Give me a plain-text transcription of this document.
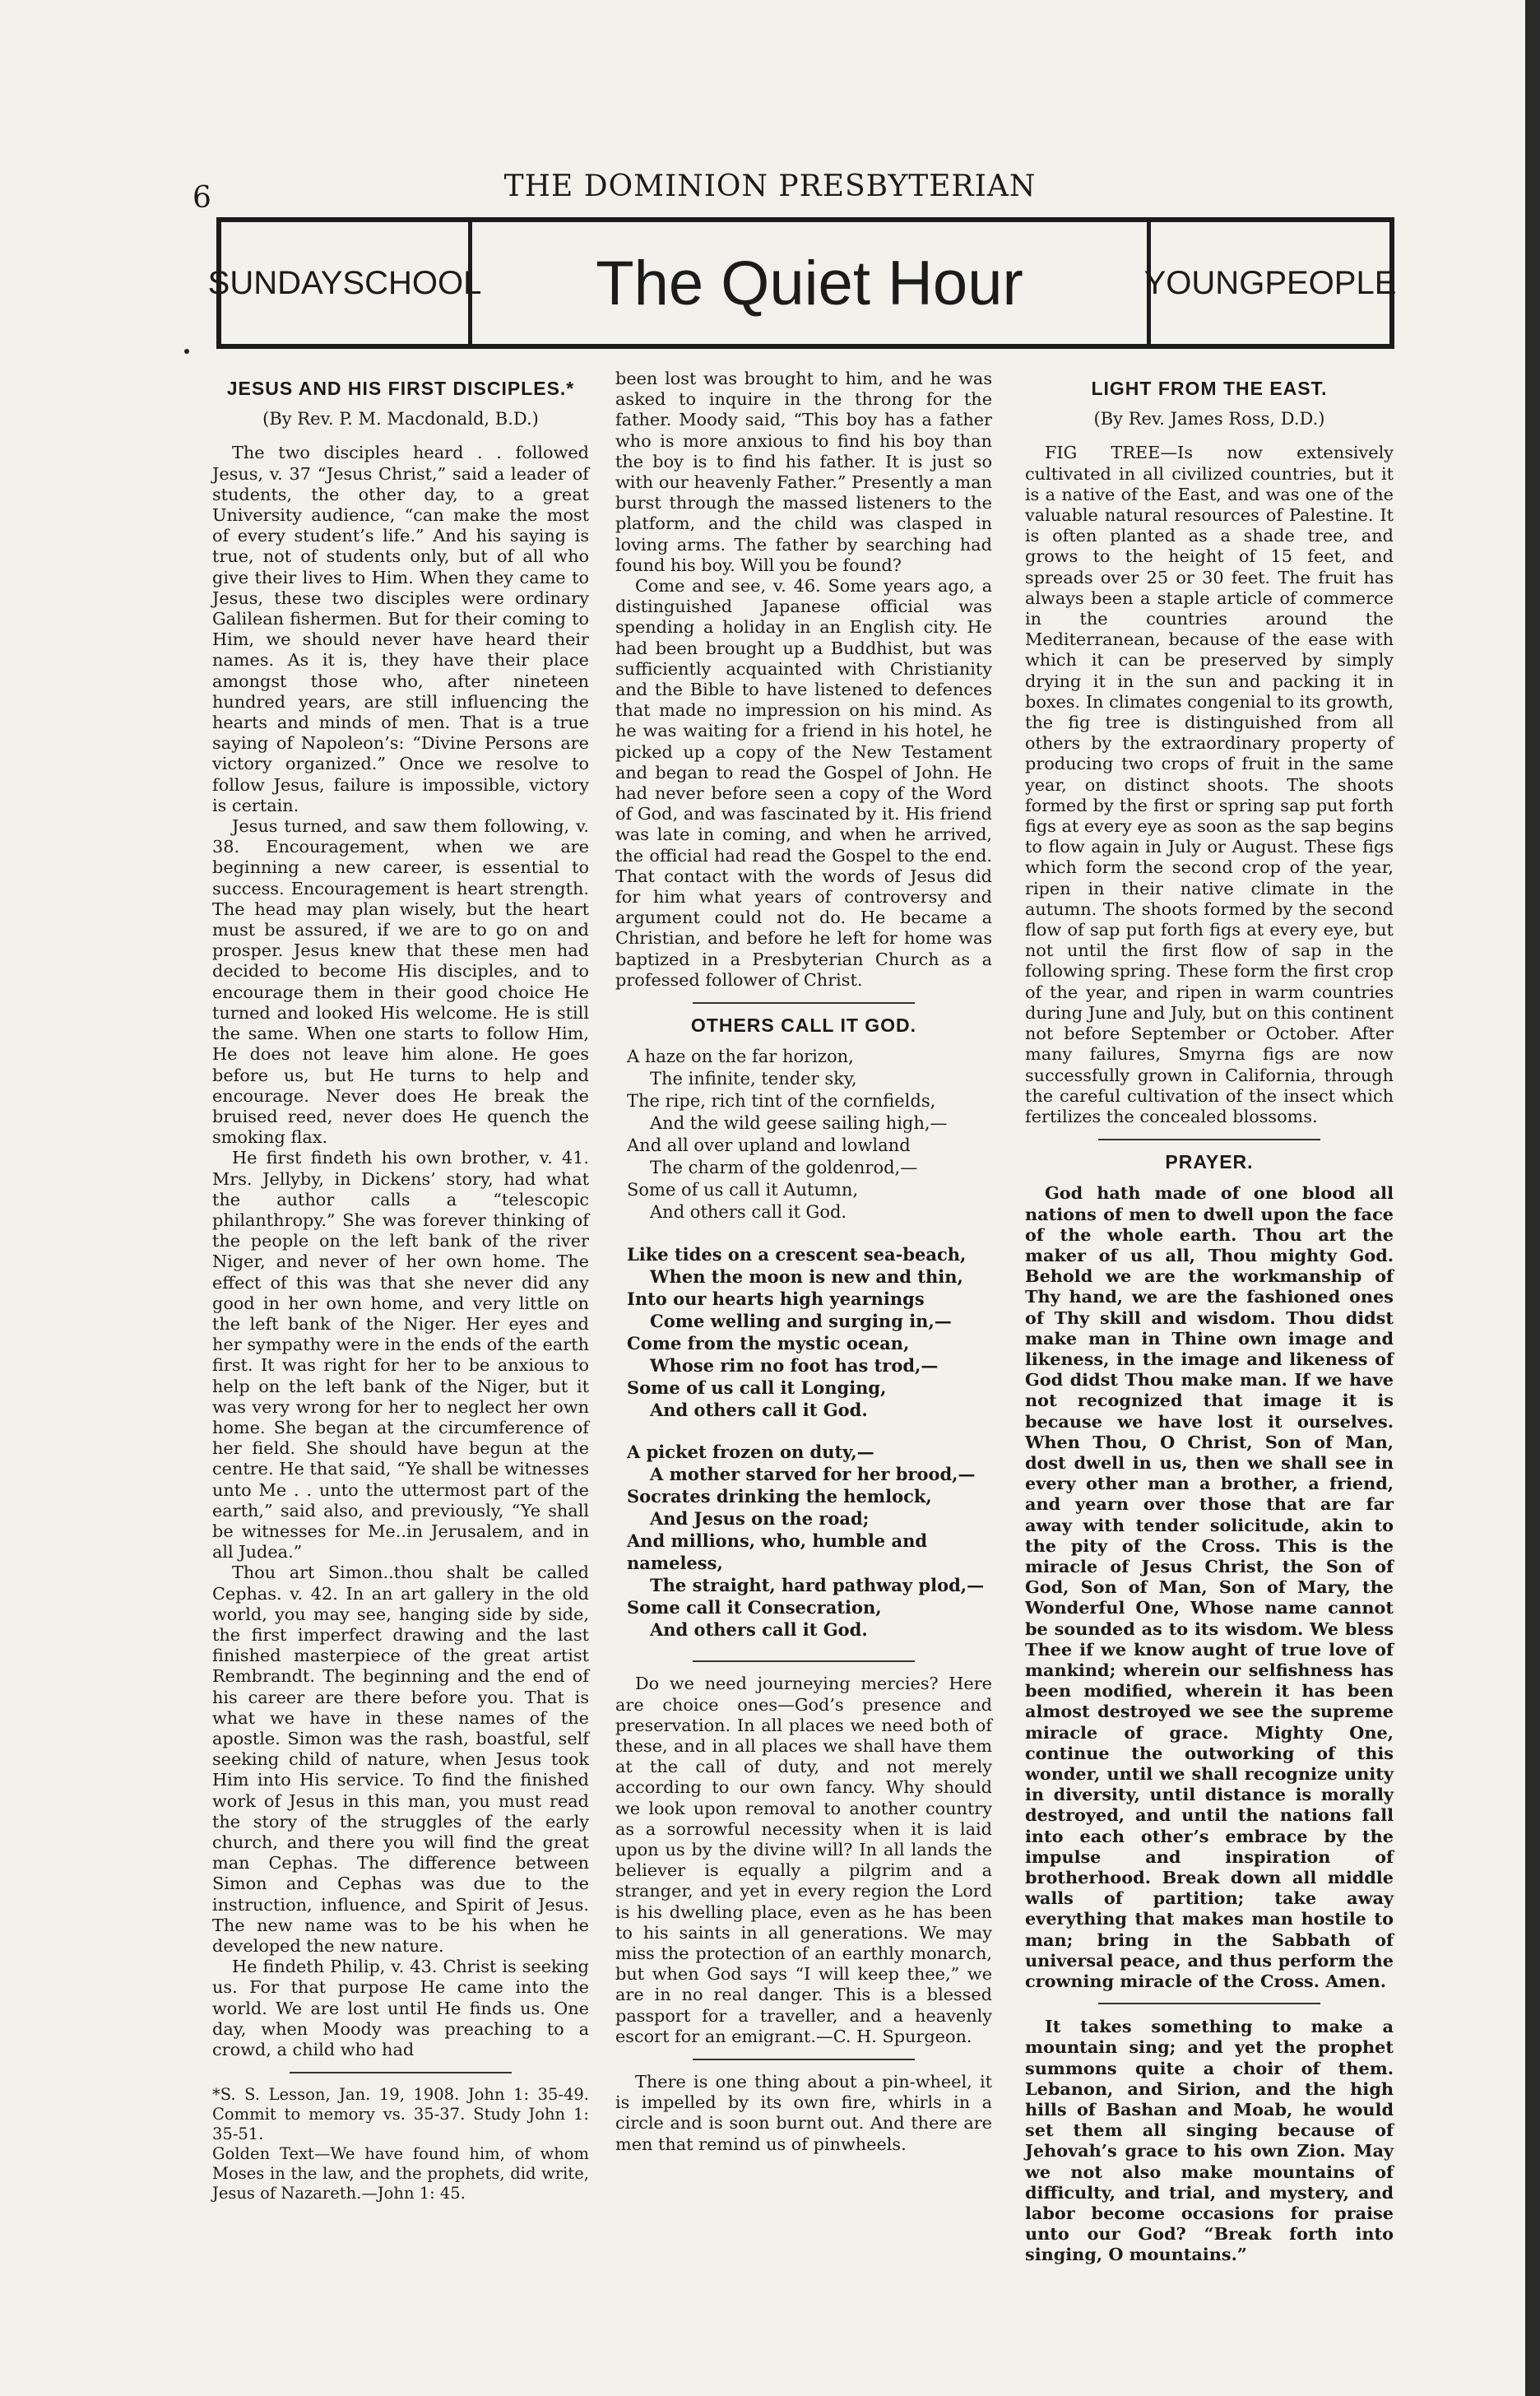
6	THE DOMINION PRESBYTERIAN
SUNDAY SCHOOL	The Quiet Hour	YOUNG PEOPLE
JESUS AND HIS FIRST DISCIPLES.*
(By Rev. P. M. Macdonald, B.D.)

The two disciples heard . . followed Jesus, v. 37 “Jesus Christ,” said a leader of students, the other day, to a great University audience, “can make the most of every student’s life.” And his saying is true, not of students only, but of all who give their lives to Him. When they came to Jesus, these two disciples were ordinary Galilean fishermen. But for their coming to Him, we should never have heard their names. As it is, they have their place amongst those who, after nineteen hundred years, are still influencing the hearts and minds of men. That is a true saying of Napoleon’s: “Divine Persons are victory organized.” Once we resolve to follow Jesus, failure is impossible, victory is certain.

Jesus turned, and saw them following, v. 38. Encouragement, when we are beginning a new career, is essential to success. Encouragement is heart strength. The head may plan wisely, but the heart must be assured, if we are to go on and prosper. Jesus knew that these men had decided to become His disciples, and to encourage them in their good choice He turned and looked His welcome. He is still the same. When one starts to follow Him, He does not leave him alone. He goes before us, but He turns to help and encourage. Never does He break the bruised reed, never does He quench the smoking flax.

He first findeth his own brother, v. 41. Mrs. Jellyby, in Dickens’ story, had what the author calls a “telescopic philanthropy.” She was forever thinking of the people on the left bank of the river Niger, and never of her own home. The effect of this was that she never did any good in her own home, and very little on the left bank of the Niger. Her eyes and her sympathy were in the ends of the earth first. It was right for her to be anxious to help on the left bank of the Niger, but it was very wrong for her to neglect her own home. She began at the circumference of her field. She should have begun at the centre. He that said, “Ye shall be witnesses unto Me . . unto the uttermost part of the earth,” said also, and previously, “Ye shall be witnesses for Me..in Jerusalem, and in all Judea.”

Thou art Simon..thou shalt be called Cephas. v. 42. In an art gallery in the old world, you may see, hanging side by side, the first imperfect drawing and the last finished masterpiece of the great artist Rembrandt. The beginning and the end of his career are there before you. That is what we have in these names of the apostle. Simon was the rash, boastful, self seeking child of nature, when Jesus took Him into His service. To find the finished work of Jesus in this man, you must read the story of the struggles of the early church, and there you will find the great man Cephas. The difference between Simon and Cephas was due to the instruction, influence, and Spirit of Jesus. The new name was to be his when he developed the new nature.

He findeth Philip, v. 43. Christ is seeking us. For that purpose He came into the world. We are lost until He finds us. One day, when Moody was preaching to a crowd, a child who had

*S. S. Lesson, Jan. 19, 1908. John 1: 35-49. Commit to memory vs. 35-37. Study John 1: 35-51.

Golden Text—We have found him, of whom Moses in the law, and the prophets, did write, Jesus of Nazareth.—John 1: 45.

been lost was brought to him, and he was asked to inquire in the throng for the father. Moody said, “This boy has a father who is more anxious to find his boy than the boy is to find his father. It is just so with our heavenly Father.” Presently a man burst through the massed listeners to the platform, and the child was clasped in loving arms. The father by searching had found his boy. Will you be found?

Come and see, v. 46. Some years ago, a distinguished Japanese official was spending a holiday in an English city. He had been brought up a Buddhist, but was sufficiently acquainted with Christianity and the Bible to have listened to defences that made no impression on his mind. As he was waiting for a friend in his hotel, he picked up a copy of the New Testament and began to read the Gospel of John. He had never before seen a copy of the Word of God, and was fascinated by it. His friend was late in coming, and when he arrived, the official had read the Gospel to the end. That contact with the words of Jesus did for him what years of controversy and argument could not do. He became a Christian, and before he left for home was baptized in a Presbyterian Church as a professed follower of Christ.

OTHERS CALL IT GOD.
A haze on the far horizon,
The infinite, tender sky,
The ripe, rich tint of the cornfields,
And the wild geese sailing high,—
And all over upland and lowland
The charm of the goldenrod,—
Some of us call it Autumn,
And others call it God.
Like tides on a crescent sea-beach,
When the moon is new and thin,
Into our hearts high yearnings
Come welling and surging in,—
Come from the mystic ocean,
Whose rim no foot has trod,—
Some of us call it Longing,
And others call it God.
A picket frozen on duty,—
A mother starved for her brood,—
Socrates drinking the hemlock,
And Jesus on the road;
And millions, who, humble and nameless,
The straight, hard pathway plod,—
Some call it Consecration,
And others call it God.

Do we need journeying mercies? Here are choice ones—God’s presence and preservation. In all places we need both of these, and in all places we shall have them at the call of duty, and not merely according to our own fancy. Why should we look upon removal to another country as a sorrowful necessity when it is laid upon us by the divine will? In all lands the believer is equally a pilgrim and a stranger, and yet in every region the Lord is his dwelling place, even as he has been to his saints in all generations. We may miss the protection of an earthly monarch, but when God says “I will keep thee,” we are in no real danger. This is a blessed passport for a traveller, and a heavenly escort for an emigrant.—C. H. Spurgeon.

There is one thing about a pin-wheel, it is impelled by its own fire, whirls in a circle and is soon burnt out. And there are men that remind us of pinwheels.

LIGHT FROM THE EAST.
(By Rev. James Ross, D.D.)

FIG TREE—Is now extensively cultivated in all civilized countries, but it is a native of the East, and was one of the valuable natural resources of Palestine. It is often planted as a shade tree, and grows to the height of 15 feet, and spreads over 25 or 30 feet. The fruit has always been a staple article of commerce in the countries around the Mediterranean, because of the ease with which it can be preserved by simply drying it in the sun and packing it in boxes. In climates congenial to its growth, the fig tree is distinguished from all others by the extraordinary property of producing two crops of fruit in the same year, on distinct shoots. The shoots formed by the first or spring sap put forth figs at every eye as soon as the sap begins to flow again in July or August. These figs which form the second crop of the year, ripen in their native climate in the autumn. The shoots formed by the second flow of sap put forth figs at every eye, but not until the first flow of sap in the following spring. These form the first crop of the year, and ripen in warm countries during June and July, but on this continent not before September or October. After many failures, Smyrna figs are now successfully grown in California, through the careful cultivation of the insect which fertilizes the concealed blossoms.

PRAYER.

God hath made of one blood all nations of men to dwell upon the face of the whole earth. Thou art the maker of us all, Thou mighty God. Behold we are the workmanship of Thy hand, we are the fashioned ones of Thy skill and wisdom. Thou didst make man in Thine own image and likeness, in the image and likeness of God didst Thou make man. If we have not recognized that image it is because we have lost it ourselves. When Thou, O Christ, Son of Man, dost dwell in us, then we shall see in every other man a brother, a friend, and yearn over those that are far away with tender solicitude, akin to the pity of the Cross. This is the miracle of Jesus Christ, the Son of God, Son of Man, Son of Mary, the Wonderful One, Whose name cannot be sounded as to its wisdom. We bless Thee if we know aught of true love of mankind; wherein our selfishness has been modified, wherein it has been almost destroyed we see the supreme miracle of grace. Mighty One, continue the outworking of this wonder, until we shall recognize unity in diversity, until distance is morally destroyed, and until the nations fall into each other’s embrace by the impulse and inspiration of brotherhood. Break down all middle walls of partition; take away everything that makes man hostile to man; bring in the Sabbath of universal peace, and thus perform the crowning miracle of the Cross. Amen.

It takes something to make a mountain sing; and yet the prophet summons quite a choir of them. Lebanon, and Sirion, and the high hills of Bashan and Moab, he would set them all singing because of Jehovah’s grace to his own Zion. May we not also make mountains of difficulty, and trial, and mystery, and labor become occasions for praise unto our God? “Break forth into singing, O mountains.”
